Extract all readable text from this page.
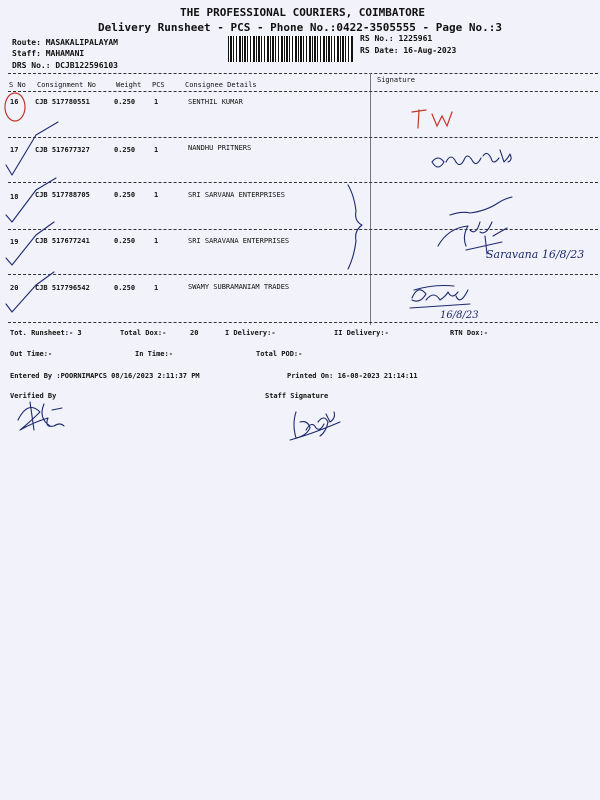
THE PROFESSIONAL COURIERS, COIMBATORE
Delivery Runsheet - PCS - Phone No.:0422-3505555 - Page No.:3
Route: MASAKALIPALAYAM
Staff: MAHAMANI
DRS No.: DCJB122596103
RS No.: 1225961
RS Date: 16-Aug-2023
S No Consignment No	Weight PCS	Consignee Details
Signature
16 CJB 517780551	0.250	1	SENTHIL KUMAR
17 CJB 517677327	0.250	1	NANDHU PRITNERS
18 CJB 517788705	0.250	1	SRI SARVANA ENTERPRISES
19 CJB 517677241	0.250	1	SRI SARAVANA ENTERPRISES
20 CJB 517796542	0.250	1	SWAMY SUBRAMANIAM TRADES
Saravana 16/8/23
16/8/23
Tot. Runsheet:- 3	Total Dox:-	20	I Delivery:-	II Delivery:-	RTN Dox:-
Out Time:-	In Time:-	Total POD:-
Entered By :POORNIMAPCS 08/16/2023 2:11:37 PM	Printed On: 16-08-2023 21:14:11
Verified By	Staff Signature
